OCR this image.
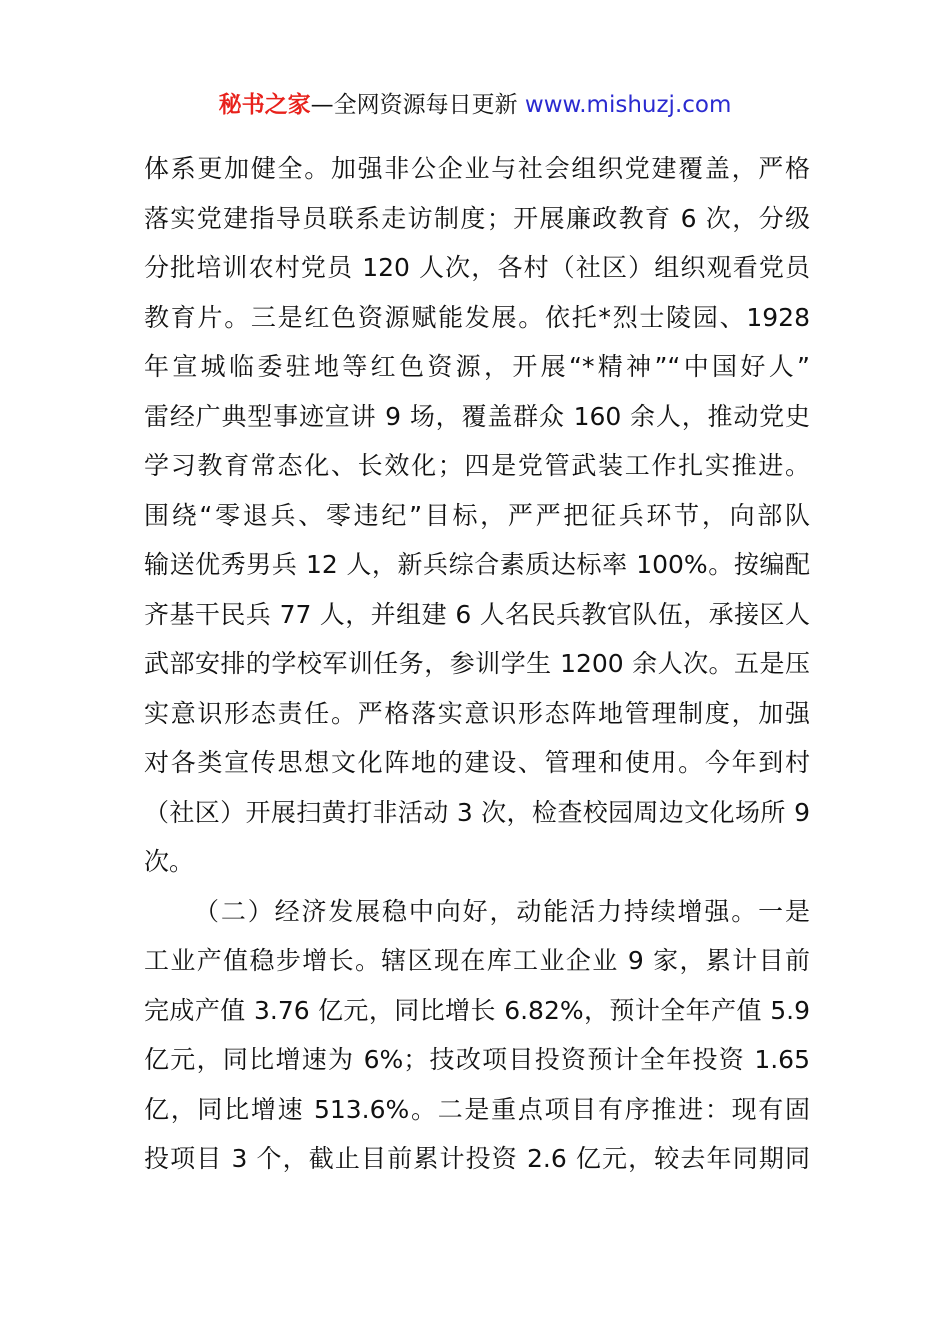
秘书之家—全网资源每日更新 www.mishuzj.com
体系更加健全。加强非公企业与社会组织党建覆盖，严格
落实党建指导员联系走访制度；开展廉政教育 6 次，分级
分批培训农村党员 120 人次，各村（社区）组织观看党员
教育片。三是红色资源赋能发展。依托*烈士陵园、1928
年宣城临委驻地等红色资源，开展“*精神”“中国好人”
雷经广典型事迹宣讲 9 场，覆盖群众 160 余人，推动党史
学习教育常态化、长效化；四是党管武装工作扎实推进。
围绕“零退兵、零违纪”目标，严严把征兵环节，向部队
输送优秀男兵 12 人，新兵综合素质达标率 100%。按编配
齐基干民兵 77 人，并组建 6 人名民兵教官队伍，承接区人
武部安排的学校军训任务，参训学生 1200 余人次。五是压
实意识形态责任。严格落实意识形态阵地管理制度，加强
对各类宣传思想文化阵地的建设、管理和使用。今年到村
（社区）开展扫黄打非活动 3 次，检查校园周边文化场所 9
次。
（二）经济发展稳中向好，动能活力持续增强。一是
工业产值稳步增长。辖区现在库工业企业 9 家，累计目前
完成产值 3.76 亿元，同比增长 6.82%，预计全年产值 5.9
亿元，同比增速为 6%；技改项目投资预计全年投资 1.65
亿，同比增速 513.6%。二是重点项目有序推进：现有固
投项目 3 个，截止目前累计投资 2.6 亿元，较去年同期同
